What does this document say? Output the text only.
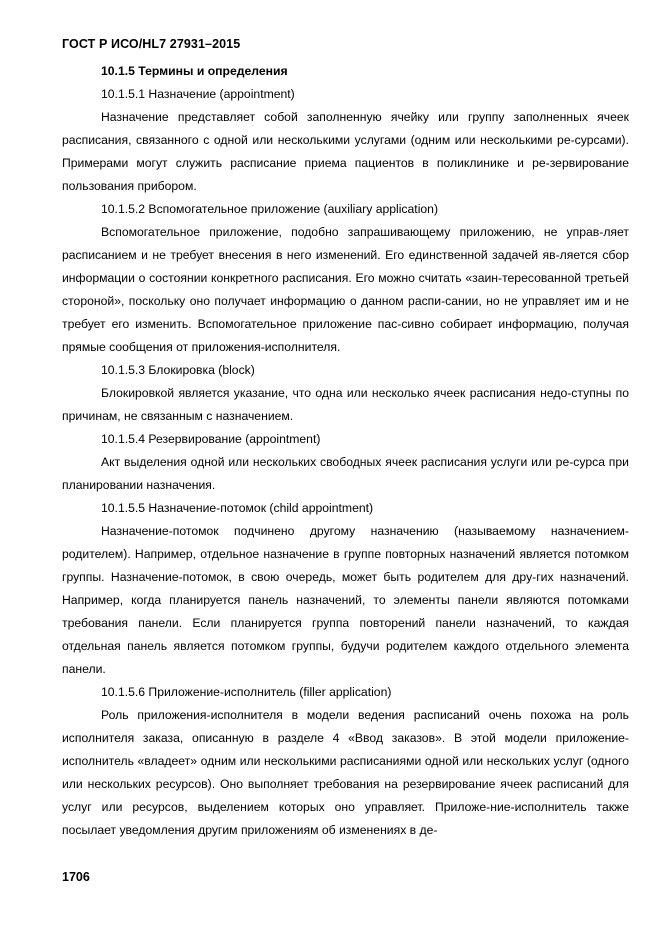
ГОСТ Р ИСО/HL7 27931–2015

10.1.5 Термины и определения

10.1.5.1 Назначение (appointment)

Назначение представляет собой заполненную ячейку или группу заполненных ячеек расписания, связанного с одной или несколькими услугами (одним или несколькими ре-сурсами). Примерами могут служить расписание приема пациентов в поликлинике и ре-зервирование пользования прибором.

10.1.5.2 Вспомогательное приложение (auxiliary application)

Вспомогательное приложение, подобно запрашивающему приложению, не управ-ляет расписанием и не требует внесения в него изменений. Его единственной задачей яв-ляется сбор информации о состоянии конкретного расписания. Его можно считать «заин-тересованной третьей стороной», поскольку оно получает информацию о данном распи-сании, но не управляет им и не требует его изменить. Вспомогательное приложение пас-сивно собирает информацию, получая прямые сообщения от приложения-исполнителя.

10.1.5.3 Блокировка (block)

Блокировкой является указание, что одна или несколько ячеек расписания недо-ступны по причинам, не связанным с назначением.

10.1.5.4 Резервирование (appointment)

Акт выделения одной или нескольких свободных ячеек расписания услуги или ре-сурса при планировании назначения.

10.1.5.5 Назначение-потомок (child appointment)

Назначение-потомок подчинено другому назначению (называемому назначением-родителем). Например, отдельное назначение в группе повторных назначений является потомком группы. Назначение-потомок, в свою очередь, может быть родителем для дру-гих назначений. Например, когда планируется панель назначений, то элементы панели являются потомками требования панели. Если планируется группа повторений панели назначений, то каждая отдельная панель является потомком группы, будучи родителем каждого отдельного элемента панели.

10.1.5.6 Приложение-исполнитель (filler application)

Роль приложения-исполнителя в модели ведения расписаний очень похожа на роль исполнителя заказа, описанную в разделе 4 «Ввод заказов». В этой модели приложение-исполнитель «владеет» одним или несколькими расписаниями одной или нескольких услуг (одного или нескольких ресурсов). Оно выполняет требования на резервирование ячеек расписаний для услуг или ресурсов, выделением которых оно управляет. Приложе-ние-исполнитель также посылает уведомления другим приложениям об изменениях в де-

1706
